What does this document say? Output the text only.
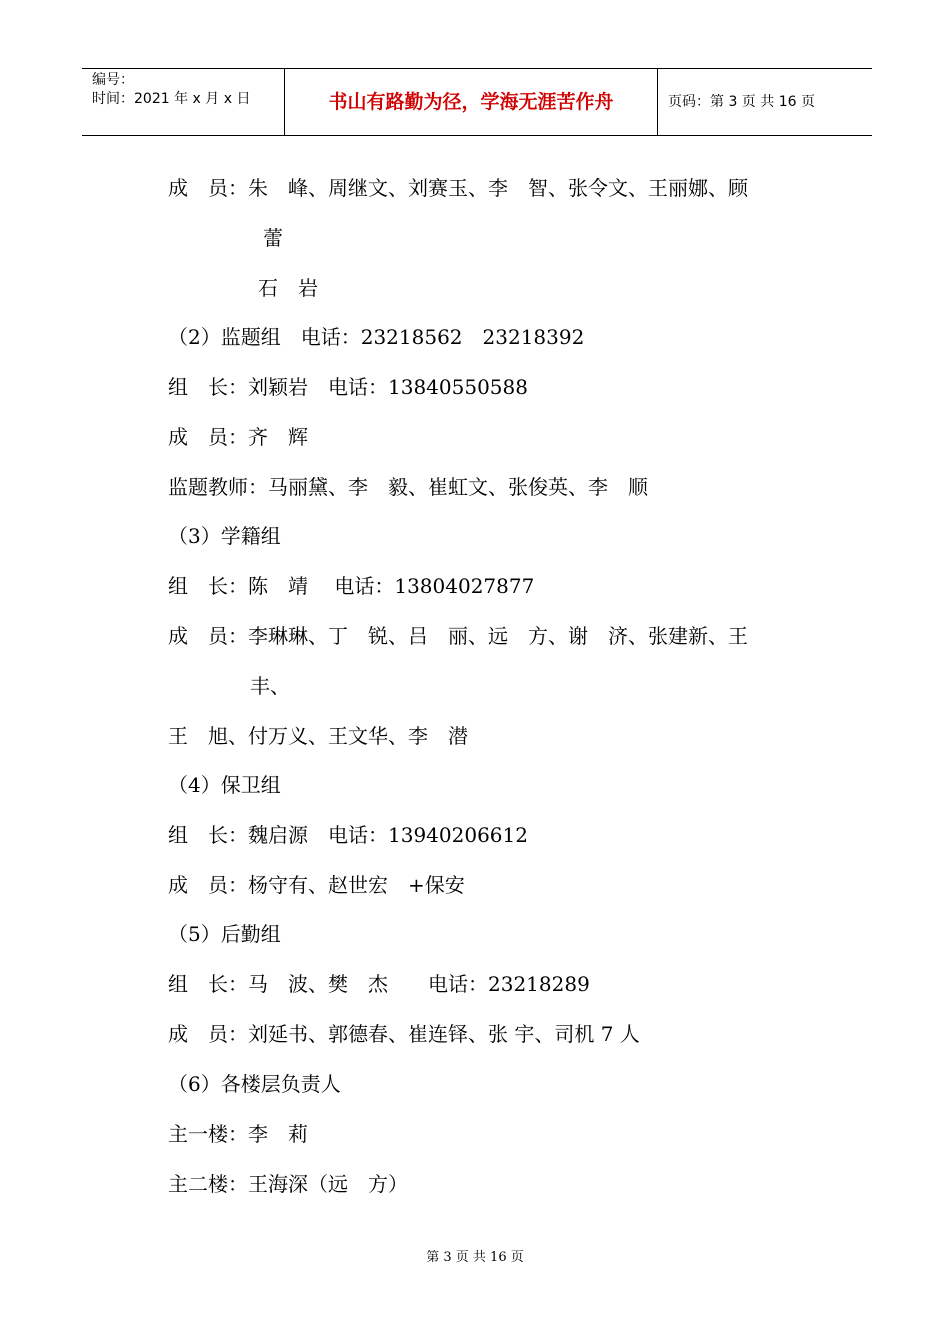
编号：
时间：2021 年 x 月 x 日	书山有路勤为径，学海无涯苦作舟	页码：第 3 页 共 16 页
成　员：朱　峰、周继文、刘赛玉、李　智、张令文、王丽娜、顾
蕾
石　岩
（2）监题组　电话：23218562　23218392
组　长：刘颖岩　电话：13840550588
成　员：齐　辉
监题教师：马丽黛、李　毅、崔虹文、张俊英、李　顺
（3）学籍组
组　长：陈　靖　 电话：13804027877
成　员：李琳琳、丁　锐、吕　丽、远　方、谢　济、张建新、王
丰、
王　旭、付万义、王文华、李　潜
（4）保卫组
组　长：魏启源　电话：13940206612
成　员：杨守有、赵世宏　+保安
（5）后勤组
组　长：马　波、樊　杰　　电话：23218289
成　员：刘延书、郭德春、崔连铎、张 宇、司机 7 人
（6）各楼层负责人
主一楼：李　莉
主二楼：王海深（远　方）
第 3 页 共 16 页
